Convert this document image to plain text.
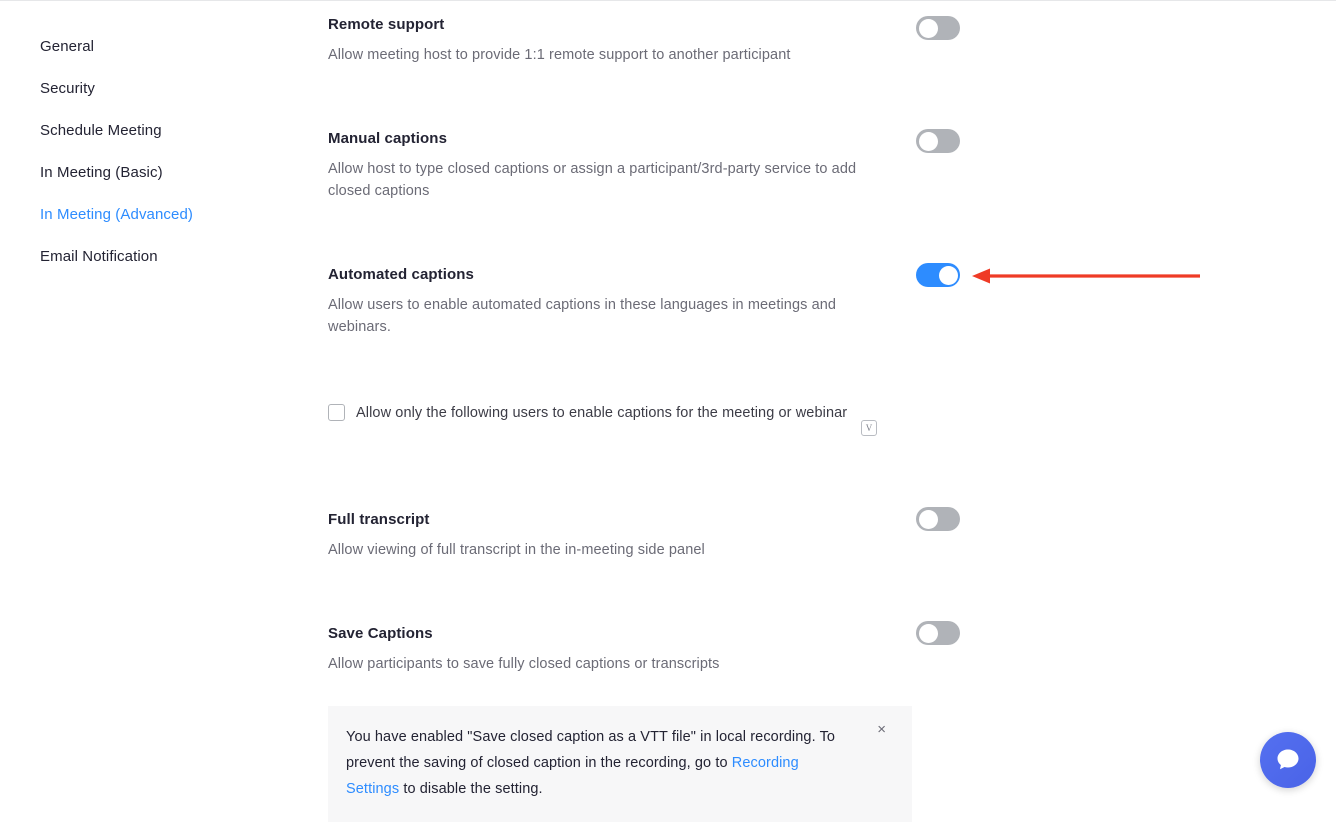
General
Security
Schedule Meeting
In Meeting (Basic)
In Meeting (Advanced)
Email Notification
Remote support
Allow meeting host to provide 1:1 remote support to another participant
Manual captions
Allow host to type closed captions or assign a participant/3rd-party service to add closed captions
Automated captions
Allow users to enable automated captions in these languages in meetings and webinars.
Allow only the following users to enable captions for the meeting or webinar
V
Full transcript
Allow viewing of full transcript in the in-meeting side panel
Save Captions
Allow participants to save fully closed captions or transcripts
You have enabled "Save closed caption as a VTT file" in local recording. To prevent the saving of closed caption in the recording, go to Recording Settings to disable the setting.
×
